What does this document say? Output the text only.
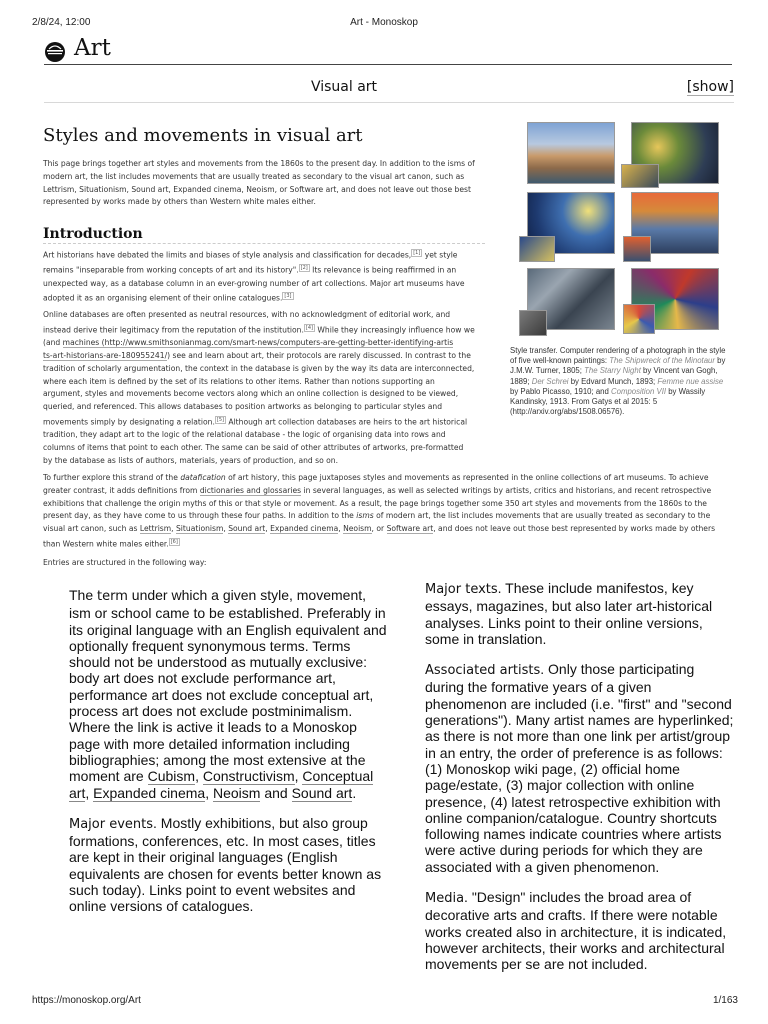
2/8/24, 12:00	Art - Monoskop
Art
Visual art	[show]
Styles and movements in visual art
This page brings together art styles and movements from the 1860s to the present day. In addition to the isms of
modern art, the list includes movements that are usually treated as secondary to the visual art canon, such as
Lettrism, Situationism, Sound art, Expanded cinema, Neoism, or Software art, and does not leave out those best
represented by works made by others than Western white males either.
Introduction
Art historians have debated the limits and biases of style analysis and classification for decades, [1] yet style
remains "inseparable from working concepts of art and its history". [2] Its relevance is being reaffirmed in an
unexpected way, as a database column in an ever-growing number of art collections. Major art museums have
adopted it as an organising element of their online catalogues. [3]
Online databases are often presented as neutral resources, with no acknowledgment of editorial work, and
instead derive their legitimacy from the reputation of the institution. [4] While they increasingly influence how we
(and machines (http://www.smithsonianmag.com/smart-news/computers-are-getting-better-identifying-artis
ts-art-historians-are-180955241/) see and learn about art, their protocols are rarely discussed. In contrast to the
tradition of scholarly argumentation, the context in the database is given by the way its data are interconnected,
where each item is defined by the set of its relations to other items. Rather than notions supporting an
argument, styles and movements become vectors along which an online collection is designed to be viewed,
queried, and referenced. This allows databases to position artworks as belonging to particular styles and
movements simply by designating a relation. [5] Although art collection databases are heirs to the art historical
tradition, they adapt art to the logic of the relational database - the logic of organising data into rows and
columns of items that point to each other. The same can be said of other attributes of artworks, pre-formatted
by the database as lists of authors, materials, years of production, and so on.
Style transfer. Computer rendering of a photograph in the style of five well-known paintings: The Shipwreck of the Minotaur by J.M.W. Turner, 1805; The Starry Night by Vincent van Gogh, 1889; Der Schrei by Edvard Munch, 1893; Femme nue assise by Pablo Picasso, 1910; and Composition VII by Wassily Kandinsky, 1913. From Gatys et al 2015: 5 (http://arxiv.org/abs/1508.06576).
To further explore this strand of the datafication of art history, this page juxtaposes styles and movements as represented in the online collections of art museums. To achieve
greater contrast, it adds definitions from dictionaries and glossaries in several languages, as well as selected writings by artists, critics and historians, and recent retrospective
exhibitions that challenge the origin myths of this or that style or movement. As a result, the page brings together some 350 art styles and movements from the 1860s to the
present day, as they have come to us through these four paths. In addition to the isms of modern art, the list includes movements that are usually treated as secondary to the
visual art canon, such as Lettrism, Situationism, Sound art, Expanded cinema, Neoism, or Software art, and does not leave out those best represented by works made by others
than Western white males either. [6]
Entries are structured in the following way:

The term under which a given style, movement, ism or school came to be established. Preferably in its original language with an English equivalent and optionally frequent synonymous terms. Terms should not be understood as mutually exclusive: body art does not exclude performance art, performance art does not exclude conceptual art, process art does not exclude postminimalism. Where the link is active it leads to a Monoskop page with more detailed information including bibliographies; among the most extensive at the moment are Cubism, Constructivism, Conceptual art, Expanded cinema, Neoism and Sound art.

Major events. Mostly exhibitions, but also group formations, conferences, etc. In most cases, titles are kept in their original languages (English equivalents are chosen for events better known as such today). Links point to event websites and online versions of catalogues.

Major texts. These include manifestos, key essays, magazines, but also later art-historical analyses. Links point to their online versions, some in translation.

Associated artists. Only those participating during the formative years of a given phenomenon are included (i.e. "first" and "second generations"). Many artist names are hyperlinked; as there is not more than one link per artist/group in an entry, the order of preference is as follows: (1) Monoskop wiki page, (2) official home page/estate, (3) major collection with online presence, (4) latest retrospective exhibition with online companion/catalogue. Country shortcuts following names indicate countries where artists were active during periods for which they are associated with a given phenomenon.

Media. "Design" includes the broad area of decorative arts and crafts. If there were notable works created also in architecture, it is indicated, however architects, their works and architectural movements per se are not included.

https://monoskop.org/Art	1/163
